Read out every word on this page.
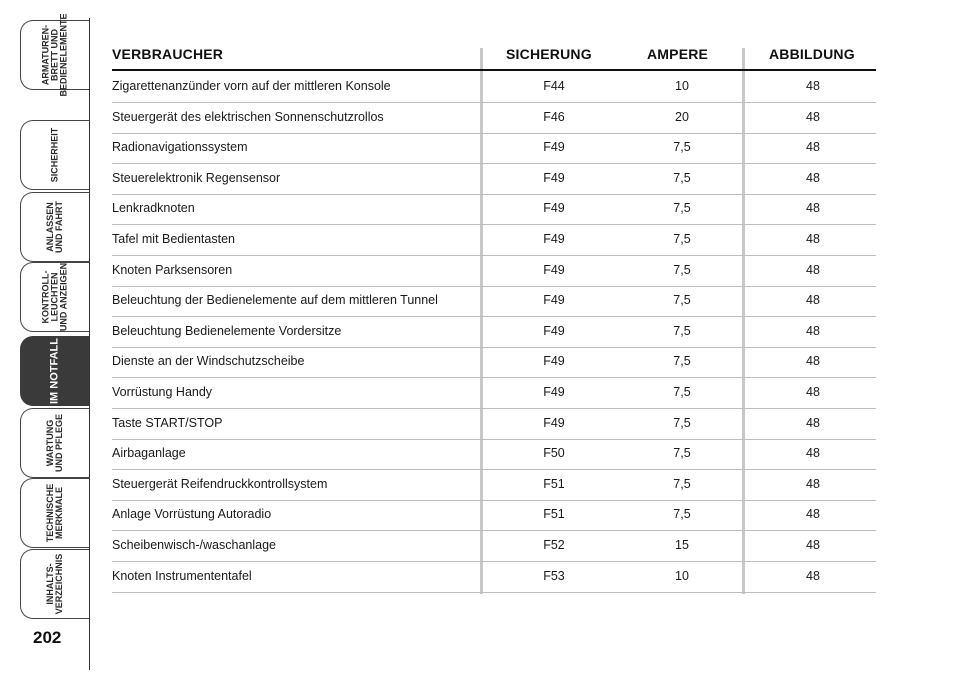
ARMATUREN-
BRETT UND
BEDIENELEMENTE
SICHERHEIT
ANLASSEN
UND FAHRT
KONTROLL-
LEUCHTEN
UND ANZEIGEN
IM NOTFALL
WARTUNG
UND PFLEGE
TECHNISCHE
MERKMALE
INHALTS-
VERZEICHNIS
202
VERBRAUCHER	SICHERUNG	AMPERE	ABBILDUNG
Zigarettenanzünder vorn auf der mittleren Konsole	F44	10	48
Steuergerät des elektrischen Sonnenschutzrollos	F46	20	48
Radionavigationssystem	F49	7,5	48
Steuerelektronik Regensensor	F49	7,5	48
Lenkradknoten	F49	7,5	48
Tafel mit Bedientasten	F49	7,5	48
Knoten Parksensoren	F49	7,5	48
Beleuchtung der Bedienelemente auf dem mittleren Tunnel	F49	7,5	48
Beleuchtung Bedienelemente Vordersitze	F49	7,5	48
Dienste an der Windschutzscheibe	F49	7,5	48
Vorrüstung Handy	F49	7,5	48
Taste START/STOP	F49	7,5	48
Airbaganlage	F50	7,5	48
Steuergerät Reifendruckkontrollsystem	F51	7,5	48
Anlage Vorrüstung Autoradio	F51	7,5	48
Scheibenwisch-/waschanlage	F52	15	48
Knoten Instrumententafel	F53	10	48
